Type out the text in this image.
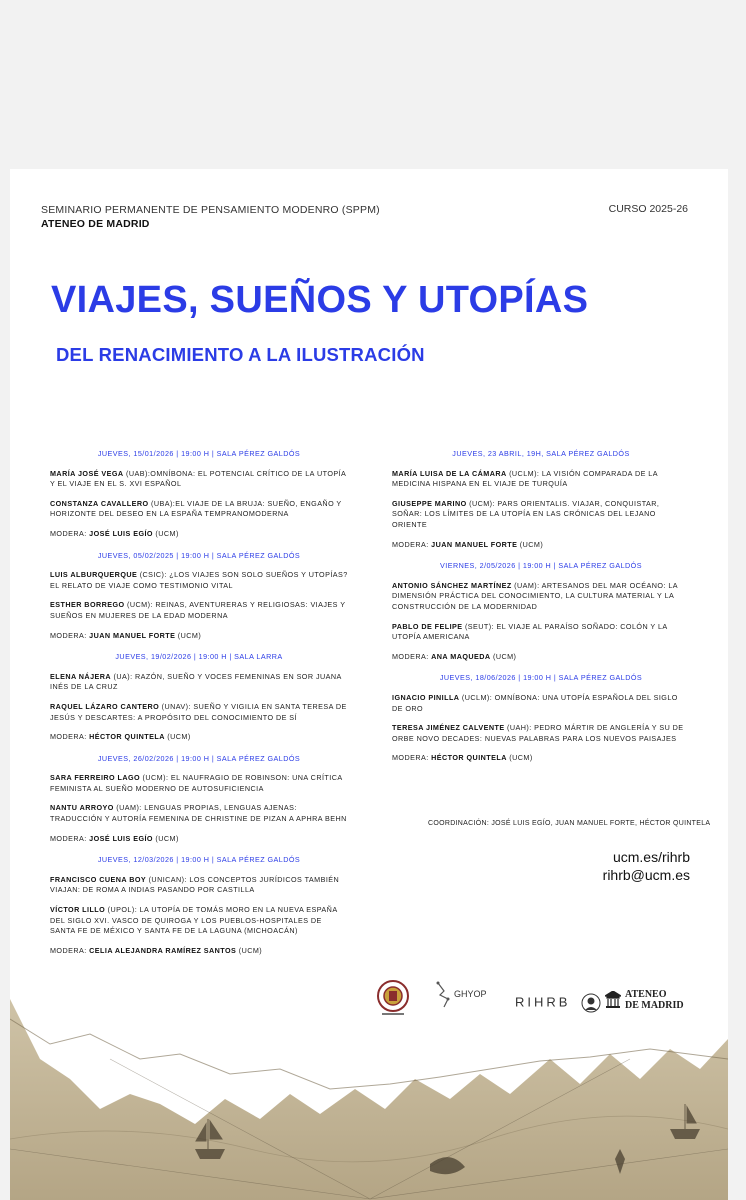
SEMINARIO PERMANENTE DE PENSAMIENTO MODENRO (SPPM)
ATENEO DE MADRID
CURSO 2025-26
VIAJES, SUEÑOS Y UTOPÍAS
DEL RENACIMIENTO A LA ILUSTRACIÓN
JUEVES, 15/01/2026 | 19:00 H | SALA PÉREZ GALDÓS
MARÍA JOSÉ VEGA (UAB):OMNÍBONA: EL POTENCIAL CRÍTICO DE LA UTOPÍA Y EL VIAJE EN EL S. XVI ESPAÑOL
CONSTANZA CAVALLERO (UBA):EL VIAJE DE LA BRUJA: SUEÑO, ENGAÑO Y HORIZONTE DEL DESEO EN LA ESPAÑA TEMPRANOMODERNA
MODERA: JOSÉ LUIS EGÍO (UCM)
JUEVES, 05/02/2025 | 19:00 H | SALA PÉREZ GALDÓS
LUIS ALBURQUERQUE (CSIC): ¿LOS VIAJES SON SOLO SUEÑOS Y UTOPÍAS? EL RELATO DE VIAJE COMO TESTIMONIO VITAL
ESTHER BORREGO (UCM): REINAS, AVENTURERAS Y RELIGIOSAS: VIAJES Y SUEÑOS EN MUJERES DE LA EDAD MODERNA
MODERA: JUAN MANUEL FORTE (UCM)
JUEVES, 19/02/2026 | 19:00 H | SALA LARRA
ELENA NÁJERA (UA): RAZÓN, SUEÑO Y VOCES FEMENINAS EN SOR JUANA INÉS DE LA CRUZ
RAQUEL LÁZARO CANTERO (UNAV): SUEÑO Y VIGILIA EN SANTA TERESA DE JESÚS Y DESCARTES: A PROPÓSITO DEL CONOCIMIENTO DE SÍ
MODERA: HÉCTOR QUINTELA (UCM)
JUEVES, 26/02/2026 | 19:00 H | SALA PÉREZ GALDÓS
SARA FERREIRO LAGO (UCM): EL NAUFRAGIO DE ROBINSON: UNA CRÍTICA FEMINISTA AL SUEÑO MODERNO DE AUTOSUFICIENCIA
NANTU ARROYO (UAM): LENGUAS PROPIAS, LENGUAS AJENAS: TRADUCCIÓN Y AUTORÍA FEMENINA DE CHRISTINE DE PIZAN A APHRA BEHN
MODERA: JOSÉ LUIS EGÍO (UCM)
JUEVES, 12/03/2026 | 19:00 H | SALA PÉREZ GALDÓS
FRANCISCO CUENA BOY (UNICAN): LOS CONCEPTOS JURÍDICOS TAMBIÉN VIAJAN: DE ROMA A INDIAS PASANDO POR CASTILLA
VÍCTOR LILLO (UPOL): LA UTOPÍA DE TOMÁS MORO EN LA NUEVA ESPAÑA DEL SIGLO XVI. VASCO DE QUIROGA Y LOS PUEBLOS-HOSPITALES DE SANTA FE DE MÉXICO Y SANTA FE DE LA LAGUNA (MICHOACÁN)
MODERA: CELIA ALEJANDRA RAMÍREZ SANTOS (UCM)
JUEVES, 23 ABRIL, 19H, SALA PÉREZ GALDÓS
MARÍA LUISA DE LA CÁMARA (UCLM): LA VISIÓN COMPARADA DE LA MEDICINA HISPANA EN EL VIAJE DE TURQUÍA
GIUSEPPE MARINO (UCM): PARS ORIENTALIS. VIAJAR, CONQUISTAR, SOÑAR: LOS LÍMITES DE LA UTOPÍA EN LAS CRÓNICAS DEL LEJANO ORIENTE
MODERA: JUAN MANUEL FORTE (UCM)
VIERNES, 2/05/2026 | 19:00 H | SALA PÉREZ GALDÓS
ANTONIO SÁNCHEZ MARTÍNEZ (UAM): ARTESANOS DEL MAR OCÉANO: LA DIMENSIÓN PRÁCTICA DEL CONOCIMIENTO, LA CULTURA MATERIAL Y LA CONSTRUCCIÓN DE LA MODERNIDAD
PABLO DE FELIPE (SEUT): EL VIAJE AL PARAÍSO SOÑADO: COLÓN Y LA UTOPÍA AMERICANA
MODERA: ANA MAQUEDA (UCM)
JUEVES, 18/06/2026 | 19:00 H | SALA PÉREZ GALDÓS
IGNACIO PINILLA (UCLM): OMNÍBONA: UNA UTOPÍA ESPAÑOLA DEL SIGLO DE ORO
TERESA JIMÉNEZ CALVENTE (UAH): PEDRO MÁRTIR DE ANGLERÍA Y SU DE ORBE NOVO DECADES: NUEVAS PALABRAS PARA LOS NUEVOS PAISAJES
MODERA: HÉCTOR QUINTELA (UCM)
COORDINACIÓN: JOSÉ LUIS EGÍO, JUAN MANUEL FORTE, HÉCTOR QUINTELA
ucm.es/rihrb
rihrb@ucm.es
GHYOP
RIHRB	ATENEO
DE MADRID
